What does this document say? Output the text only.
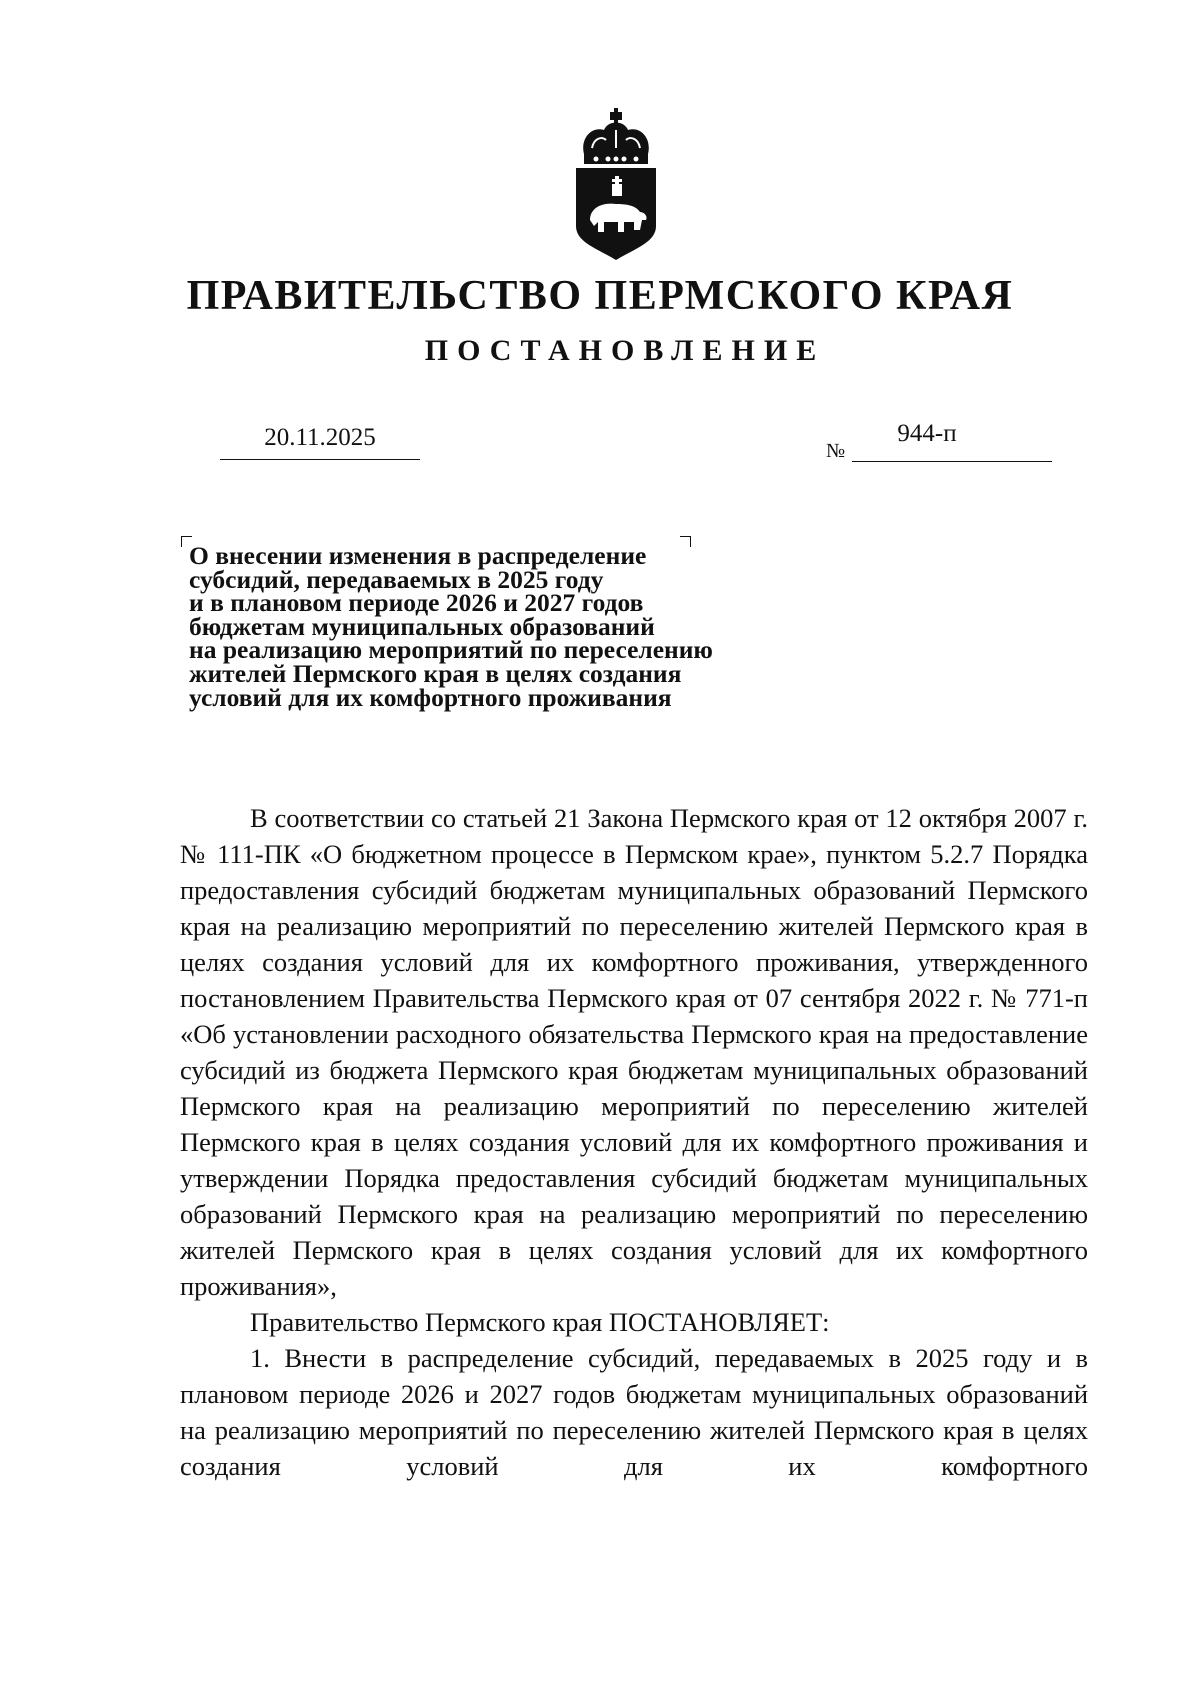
ПРАВИТЕЛЬСТВО ПЕРМСКОГО КРАЯ
ПОСТАНОВЛЕНИЕ
20.11.2025	№
944-п
О внесении изменения в распределение
субсидий, передаваемых в 2025 году
и в плановом периоде 2026 и 2027 годов
бюджетам муниципальных образований
на реализацию мероприятий по переселению
жителей Пермского края в целях создания
условий для их комфортного проживания

В соответствии со статьей 21 Закона Пермского края от 12 октября 2007 г. № 111-ПК «О бюджетном процессе в Пермском крае», пунктом 5.2.7 Порядка предоставления субсидий бюджетам муниципальных образований Пермского края на реализацию мероприятий по переселению жителей Пермского края в целях создания условий для их комфортного проживания, утвержденного постановлением Правительства Пермского края от 07 сентября 2022 г. № 771-п «Об установлении расходного обязательства Пермского края на предоставление субсидий из бюджета Пермского края бюджетам муниципальных образований Пермского края на реализацию мероприятий по переселению жителей Пермского края в целях создания условий для их комфортного проживания и утверждении Порядка предоставления субсидий бюджетам муниципальных образований Пермского края на реализацию мероприятий по переселению жителей Пермского края в целях создания условий для их комфортного проживания»,

Правительство Пермского края ПОСТАНОВЛЯЕТ:

1. Внести в распределение субсидий, передаваемых в 2025 году и в плановом периоде 2026 и 2027 годов бюджетам муниципальных образований на реализацию мероприятий по переселению жителей Пермского края в целях создания условий для их комфортного
